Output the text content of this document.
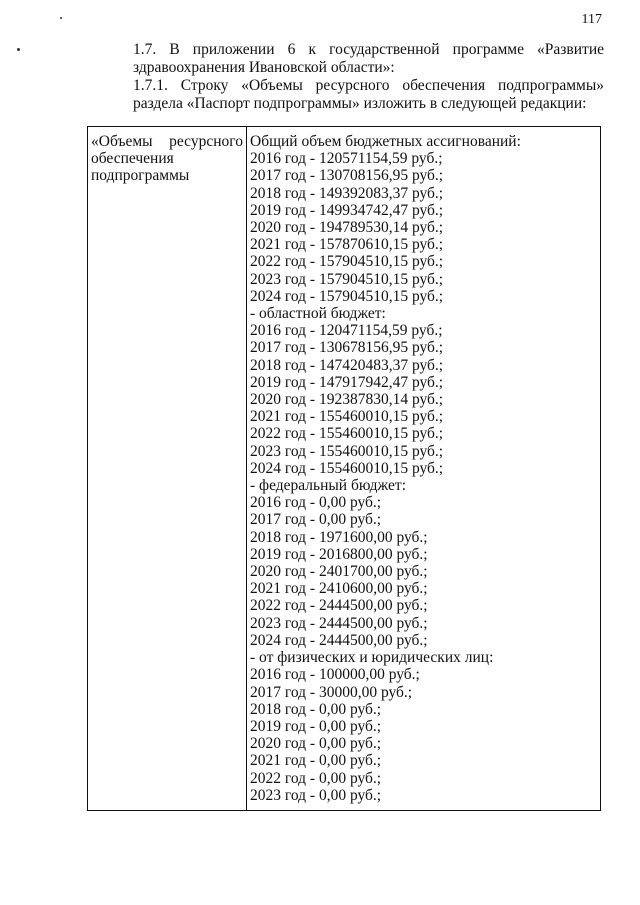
117
1.7. В приложении 6 к государственной программе «Развитие
здравоохранения Ивановской области»:
1.7.1. Строку «Объемы ресурсного обеспечения подпрограммы»
раздела «Паспорт подпрограммы» изложить в следующей редакции:
«Объемы ресурсного
обеспечения
подпрограммы
Общий объем бюджетных ассигнований:
2016 год - 120571154,59 руб.;
2017 год - 130708156,95 руб.;
2018 год - 149392083,37 руб.;
2019 год - 149934742,47 руб.;
2020 год - 194789530,14 руб.;
2021 год - 157870610,15 руб.;
2022 год - 157904510,15 руб.;
2023 год - 157904510,15 руб.;
2024 год - 157904510,15 руб.;
- областной бюджет:
2016 год - 120471154,59 руб.;
2017 год - 130678156,95 руб.;
2018 год - 147420483,37 руб.;
2019 год - 147917942,47 руб.;
2020 год - 192387830,14 руб.;
2021 год - 155460010,15 руб.;
2022 год - 155460010,15 руб.;
2023 год - 155460010,15 руб.;
2024 год - 155460010,15 руб.;
- федеральный бюджет:
2016 год - 0,00 руб.;
2017 год - 0,00 руб.;
2018 год - 1971600,00 руб.;
2019 год - 2016800,00 руб.;
2020 год - 2401700,00 руб.;
2021 год - 2410600,00 руб.;
2022 год - 2444500,00 руб.;
2023 год - 2444500,00 руб.;
2024 год - 2444500,00 руб.;
- от физических и юридических лиц:
2016 год - 100000,00 руб.;
2017 год - 30000,00 руб.;
2018 год - 0,00 руб.;
2019 год - 0,00 руб.;
2020 год - 0,00 руб.;
2021 год - 0,00 руб.;
2022 год - 0,00 руб.;
2023 год - 0,00 руб.;
